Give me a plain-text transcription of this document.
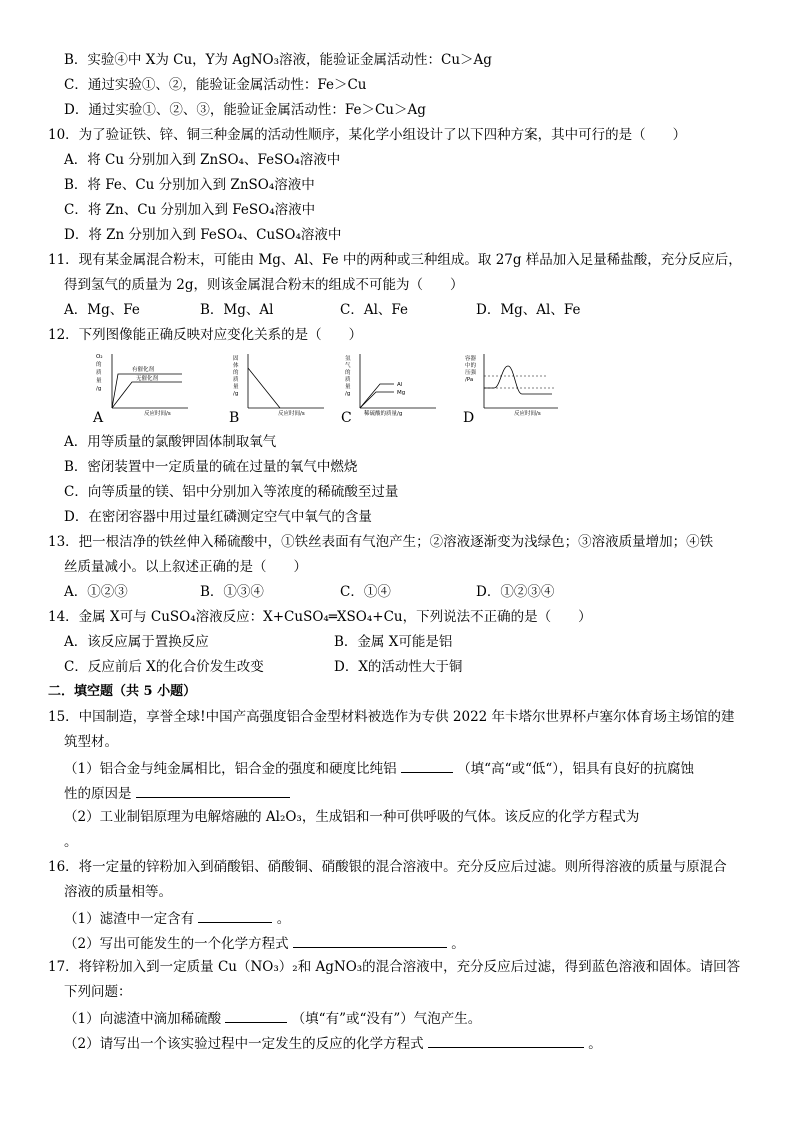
B．实验④中 X为 Cu，Y为 AgNO₃溶液，能验证金属活动性：Cu＞Ag
C．通过实验①、②，能验证金属活动性：Fe＞Cu
D．通过实验①、②、③，能验证金属活动性：Fe＞Cu＞Ag
10．为了验证铁、锌、铜三种金属的活动性顺序，某化学小组设计了以下四种方案，其中可行的是（　　）
A．将 Cu 分别加入到 ZnSO₄、FeSO₄溶液中
B．将 Fe、Cu 分别加入到 ZnSO₄溶液中
C．将 Zn、Cu 分别加入到 FeSO₄溶液中
D．将 Zn 分别加入到 FeSO₄、CuSO₄溶液中
11．现有某金属混合粉末，可能由 Mg、Al、Fe 中的两种或三种组成。取 27g 样品加入足量稀盐酸，充分反应后，
得到氢气的质量为 2g，则该金属混合粉末的组成不可能为（　　）
A．Mg、Fe	B．Mg、Al	C．Al、Fe	D．Mg、Al、Fe
12．下列图像能正确反映对应变化关系的是（　　）
O₂
的
质
量
/g
有催化剂
无催化剂
反应时间/s
A
固
体
的
质
量
/g
反应时间/s
B
氢
气
的
质
量
/g
Al
Mg
稀硫酸的质量/g
C
容器
中的
压强
/Pa
反应时间/s
D
A．用等质量的氯酸钾固体制取氧气
B．密闭装置中一定质量的硫在过量的氧气中燃烧
C．向等质量的镁、铝中分别加入等浓度的稀硫酸至过量
D．在密闭容器中用过量红磷测定空气中氧气的含量
13．把一根洁净的铁丝伸入稀硫酸中，①铁丝表面有气泡产生；②溶液逐渐变为浅绿色；③溶液质量增加；④铁
丝质量减小。以上叙述正确的是（　　）
A．①②③	B．①③④	C．①④	D．①②③④
14．金属 X可与 CuSO₄溶液反应：X+CuSO₄═XSO₄+Cu，下列说法不正确的是（　　）
A．该反应属于置换反应	B．金属 X可能是铝
C．反应前后 X的化合价发生改变	D．X的活动性大于铜
二．填空题（共 5 小题）
15．中国制造，享誉全球!中国产高强度铝合金型材料被选作为专供 2022 年卡塔尔世界杯卢塞尔体育场主场馆的建
筑型材。
（1）铝合金与纯金属相比，铝合金的强度和硬度比纯铝	（填“高“或“低“），铝具有良好的抗腐蚀
性的原因是
（2）工业制铝原理为电解熔融的 Al₂O₃，生成铝和一种可供呼吸的气体。该反应的化学方程式为
。
16．将一定量的锌粉加入到硝酸铝、硝酸铜、硝酸银的混合溶液中。充分反应后过滤。则所得溶液的质量与原混合
溶液的质量相等。
（1）滤渣中一定含有	。
（2）写出可能发生的一个化学方程式	。
17．将锌粉加入到一定质量 Cu（NO₃）₂和 AgNO₃的混合溶液中，充分反应后过滤，得到蓝色溶液和固体。请回答
下列问题：
（1）向滤渣中滴加稀硫酸	（填“有”或“没有”）气泡产生。
（2）请写出一个该实验过程中一定发生的反应的化学方程式	。
